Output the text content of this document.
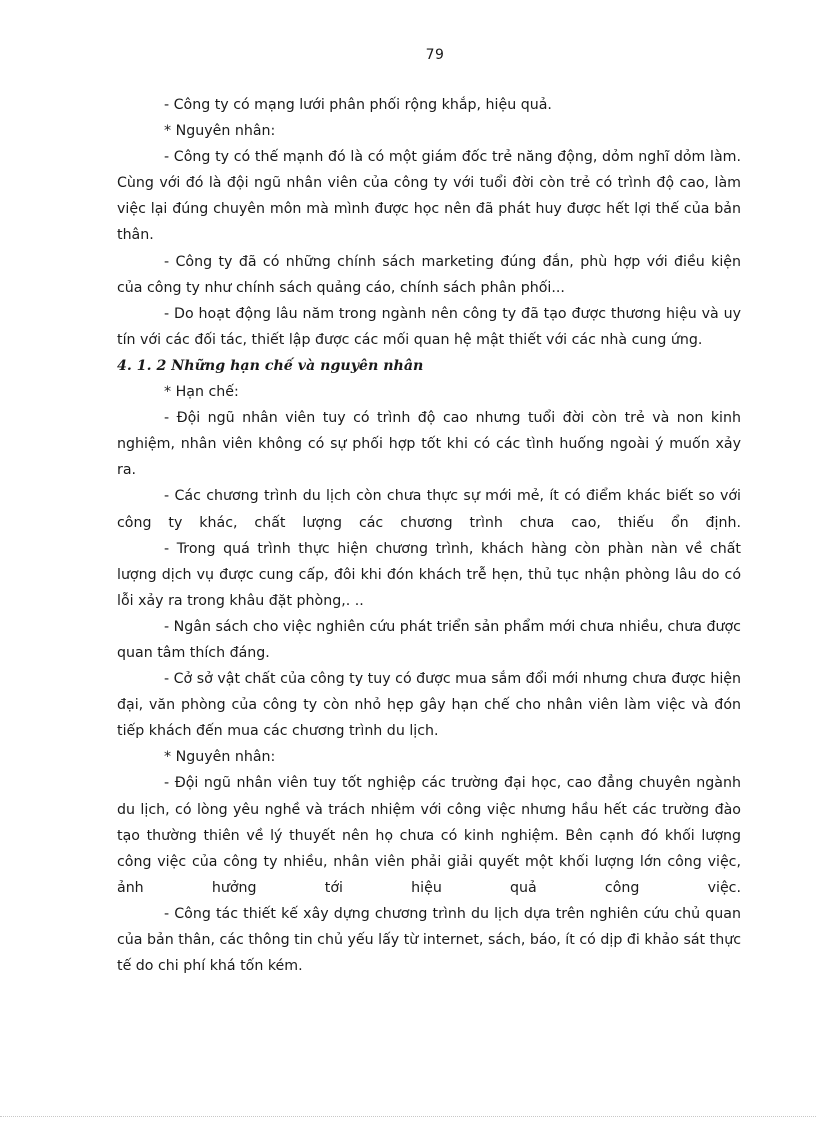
79

- Công ty có mạng lưới phân phối rộng khắp, hiệu quả.

* Nguyên nhân:

- Công ty có thế mạnh đó là có một giám đốc trẻ năng động, dỏm nghĩ dỏm làm. Cùng với đó là đội ngũ nhân viên của công ty với tuổi đời còn trẻ có trình độ cao, làm việc lại đúng chuyên môn mà mình được học nên đã phát huy được hết lợi thế của bản thân.

- Công ty đã có những chính sách marketing đúng đắn, phù hợp với điều kiện của công ty như chính sách quảng cáo, chính sách phân phối...

- Do hoạt động lâu năm trong ngành nên công ty đã tạo được thương hiệu và uy tín với các đối tác, thiết lập được các mối quan hệ mật thiết với các nhà cung ứng.

4. 1. 2 Những hạn chế và nguyên nhân

* Hạn chế:

- Đội ngũ nhân viên tuy có trình độ cao nhưng tuổi đời còn trẻ và non kinh nghiệm, nhân viên không có sự phối hợp tốt khi có các tình huống ngoài ý muốn xảy ra.

- Các chương trình du lịch còn chưa thực sự mới mẻ, ít có điểm khác biết so với công ty khác, chất lượng các chương trình chưa cao, thiếu ổn định.

- Trong quá trình thực hiện chương trình, khách hàng còn phàn nàn về chất lượng dịch vụ được cung cấp, đôi khi đón khách trễ hẹn, thủ tục nhận phòng lâu do có lỗi xảy ra trong khâu đặt phòng,. ..

- Ngân sách cho việc nghiên cứu phát triển sản phẩm mới chưa nhiều, chưa được quan tâm thích đáng.

- Cở sở vật chất của công ty tuy có được mua sắm đổi mới nhưng chưa được hiện đại, văn phòng của công ty còn nhỏ hẹp gây hạn chế cho nhân viên làm việc và đón tiếp khách đến mua các chương trình du lịch.

* Nguyên nhân:

- Đội ngũ nhân viên tuy tốt nghiệp các trường đại học, cao đẳng chuyên ngành du lịch, có lòng yêu nghề và trách nhiệm với công việc nhưng hầu hết các trường đào tạo thường thiên về lý thuyết nên họ chưa có kinh nghiệm. Bên cạnh đó khối lượng công việc của công ty nhiều, nhân viên phải giải quyết một khối lượng lớn công việc, ảnh hưởng tới hiệu quả công việc.

- Công tác thiết kế xây dựng chương trình du lịch dựa trên nghiên cứu chủ quan của bản thân, các thông tin chủ yếu lấy từ internet, sách, báo, ít có dịp đi khảo sát thực tế do chi phí khá tốn kém.
